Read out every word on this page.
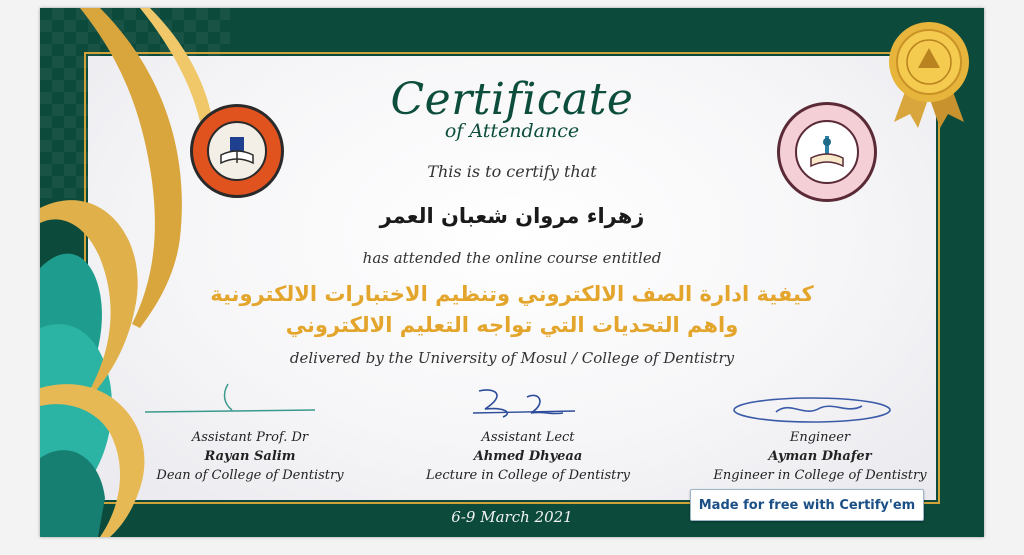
Certificate
of Attendance
This is to certify that
زهراء مروان شعبان العمر
has attended the online course entitled
كيفية ادارة الصف الالكتروني وتنظيم الاختبارات الالكترونية
واهم التحديات التي تواجه التعليم الالكتروني
delivered by the University of Mosul / College of Dentistry
Assistant Prof. Dr
Rayan Salim
Dean of College of Dentistry
Assistant Lect
Ahmed Dhyeaa
Lecture in College of Dentistry
Engineer
Ayman Dhafer
Engineer in College of Dentistry
6-9 March 2021
Made for free with Certify'em
